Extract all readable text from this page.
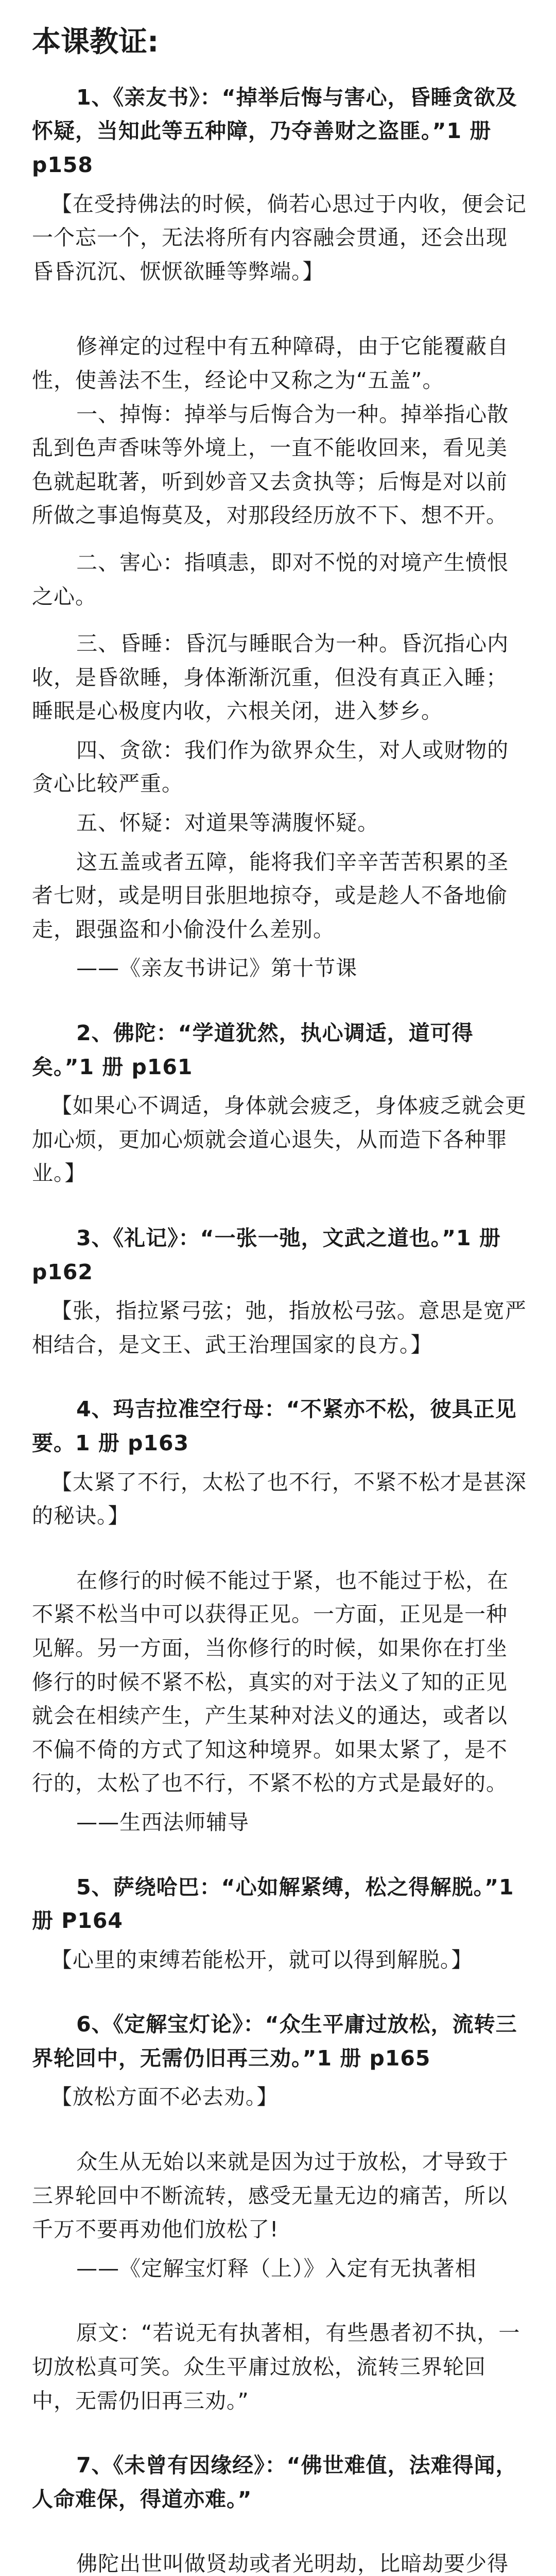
本课教证:

1、《亲友书》：“掉举后悔与害心，昏睡贪欲及怀疑，当知此等五种障，乃夺善财之盗匪。”1 册 p158

【在受持佛法的时候，倘若心思过于内收，便会记一个忘一个，无法将所有内容融会贯通，还会出现昏昏沉沉、恹恹欲睡等弊端。】

修禅定的过程中有五种障碍，由于它能覆蔽自性，使善法不生，经论中又称之为“五盖”。

一、掉悔：掉举与后悔合为一种。掉举指心散乱到色声香味等外境上，一直不能收回来，看见美色就起耽著，听到妙音又去贪执等；后悔是对以前所做之事追悔莫及，对那段经历放不下、想不开。

二、害心：指嗔恚，即对不悦的对境产生愤恨之心。

三、昏睡：昏沉与睡眠合为一种。昏沉指心内收，是昏欲睡，身体渐渐沉重，但没有真正入睡；睡眠是心极度内收，六根关闭，进入梦乡。

四、贪欲：我们作为欲界众生，对人或财物的贪心比较严重。

五、怀疑：对道果等满腹怀疑。

这五盖或者五障，能将我们辛辛苦苦积累的圣者七财，或是明目张胆地掠夺，或是趁人不备地偷走，跟强盗和小偷没什么差别。

——《亲友书讲记》第十节课

2、佛陀：“学道犹然，执心调适，道可得矣。”1 册 p161

【如果心不调适，身体就会疲乏，身体疲乏就会更加心烦，更加心烦就会道心退失，从而造下各种罪业。】

3、《礼记》：“一张一弛，文武之道也。”1 册 p162

【张，指拉紧弓弦；弛，指放松弓弦。意思是宽严相结合，是文王、武王治理国家的良方。】

4、玛吉拉准空行母：“不紧亦不松，彼具正见要。1 册 p163

【太紧了不行，太松了也不行，不紧不松才是甚深的秘诀。】

在修行的时候不能过于紧，也不能过于松，在不紧不松当中可以获得正见。一方面，正见是一种见解。另一方面，当你修行的时候，如果你在打坐修行的时候不紧不松，真实的对于法义了知的正见就会在相续产生，产生某种对法义的通达，或者以不偏不倚的方式了知这种境界。如果太紧了，是不行的，太松了也不行，不紧不松的方式是最好的。

——生西法师辅导

5、萨绕哈巴：“心如解紧缚，松之得解脱。”1 册 P164

【心里的束缚若能松开，就可以得到解脱。】

6、《定解宝灯论》：“众生平庸过放松，流转三界轮回中，无需仍旧再三劝。”1 册 p165

【放松方面不必去劝。】

众生从无始以来就是因为过于放松，才导致于三界轮回中不断流转，感受无量无边的痛苦，所以千万不要再劝他们放松了!

——《定解宝灯释（上）》入定有无执著相

原文：“若说无有执著相，有些愚者初不执，一切放松真可笑。众生平庸过放松，流转三界轮回中，无需仍旧再三劝。”

7、《未曾有因缘经》：“佛世难值，法难得闻，人命难保，得道亦难。”

佛陀出世叫做贤劫或者光明劫，比暗劫要少得
